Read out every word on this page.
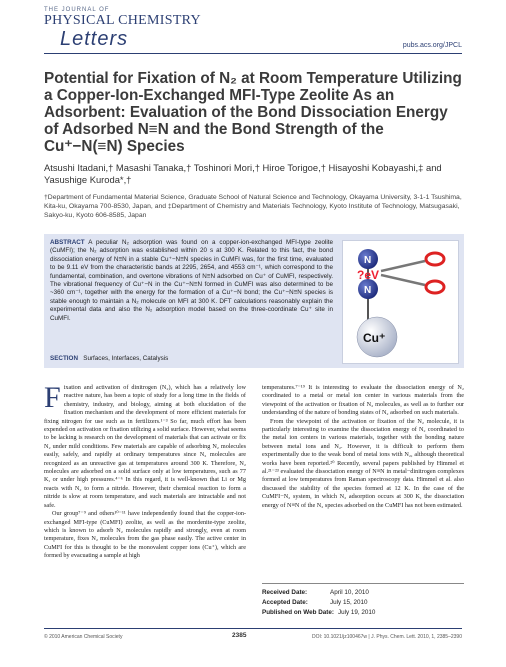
THE JOURNAL OF
PHYSICAL CHEMISTRY
Letters	pubs.acs.org/JPCL
Potential for Fixation of N₂ at Room Temperature Utilizing a Copper-Ion-Exchanged MFI-Type Zeolite As an Adsorbent: Evaluation of the Bond Dissociation Energy of Adsorbed N≡N and the Bond Strength of the Cu⁺−N(≡N) Species
Atsushi Itadani,† Masashi Tanaka,† Toshinori Mori,† Hiroe Torigoe,† Hisayoshi Kobayashi,‡ and Yasushige Kuroda*,†
†Department of Fundamental Material Science, Graduate School of Natural Science and Technology, Okayama University, 3-1-1 Tsushima, Kita-ku, Okayama 700-8530, Japan, and ‡Department of Chemistry and Materials Technology, Kyoto Institute of Technology, Matsugasaki, Sakyo-ku, Kyoto 606-8585, Japan
ABSTRACT A peculiar N₂ adsorption was found on a copper-ion-exchanged MFI-type zeolite (CuMFI); the N₂ adsorption was established within 20 s at 300 K. Related to this fact, the bond dissociation energy of N≡N in a stable Cu⁺−N≡N species in CuMFI was, for the first time, evaluated to be 9.11 eV from the characteristic bands at 2295, 2654, and 4553 cm⁻¹, which correspond to the fundamental, combination, and overtone vibrations of N≡N adsorbed on Cu⁺ of CuMFI, respectively. The vibrational frequency of Cu⁺−N in the Cu⁺−N≡N formed in CuMFI was also determined to be ~360 cm⁻¹, together with the energy for the formation of a Cu⁺−N bond; the Cu⁺−N≡N species is stable enough to maintain a N₂ molecule on MFI at 300 K. DFT calculations reasonably explain the experimental data and also the N₂ adsorption model based on the three-coordinate Cu⁺ site in CuMFI.
SECTION Surfaces, Interfaces, Catalysis
N
N
?eV
Cu⁺

Fixation and activation of dinitrogen (N₂), which has a relatively low reactive nature, has been a topic of study for a long time in the fields of chemistry, industry, and biology, aiming at both elucidation of the fixation mechanism and the development of more efficient materials for fixing nitrogen for use such as in fertilizers.¹⁻³ So far, much effort has been expended on activation or fixation utilizing a solid surface. However, what seems to be lacking is research on the development of materials that can activate or fix N₂ under mild conditions. Few materials are capable of adsorbing N₂ molecules easily, safely, and rapidly at ordinary temperatures since N₂ molecules are recognized as an unreactive gas at temperatures around 300 K. Therefore, N₂ molecules are adsorbed on a solid surface only at low temperatures, such as 77 K, or under high pressures.⁴⁻⁶ In this regard, it is well-known that Li or Mg reacts with N₂ to form a nitride. However, their chemical reaction to form a nitride is slow at room temperature, and such materials are intractable and not safe.

Our group⁷⁻⁹ and others¹⁰⁻¹¹ have independently found that the copper-ion-exchanged MFI-type (CuMFI) zeolite, as well as the mordenite-type zeolite, which is known to adsorb N₂ molecules rapidly and strongly, even at room temperature, fixes N₂ molecules from the gas phase easily. The active center in CuMFI for this is thought to be the monovalent copper ions (Cu⁺), which are formed by evacuating a sample at high

temperatures.⁷⁻¹⁹ It is interesting to evaluate the dissociation energy of N₂ coordinated to a metal or metal ion center in various materials from the viewpoint of the activation or fixation of N₂ molecules, as well as to further our understanding of the nature of bonding states of N₂ adsorbed on such materials.

From the viewpoint of the activation or fixation of the N₂ molecule, it is particularly interesting to examine the dissociation energy of N₂ coordinated to the metal ion centers in various materials, together with the bonding nature between metal ions and N₂. However, it is difficult to perform them experimentally due to the weak bond of metal ions with N₂, although theoretical works have been reported.²⁰ Recently, several papers published by Himmel et al.²¹⁻²³ evaluated the dissociation energy of N≡N in metal−dinitrogen complexes formed at low temperatures from Raman spectroscopy data. Himmel et al. also discussed the stability of the species formed at 12 K. In the case of the CuMFI−N₂ system, in which N₂ adsorption occurs at 300 K, the dissociation energy of N≡N of the N₂ species adsorbed on the CuMFI has not been estimated.

Received Date:	April 10, 2010
Accepted Date:	July 15, 2010
Published on Web Date: July 19, 2010
© 2010 American Chemical Society	2385	DOI: 10.1021/jz100467w | J. Phys. Chem. Lett. 2010, 1, 2385–2390
